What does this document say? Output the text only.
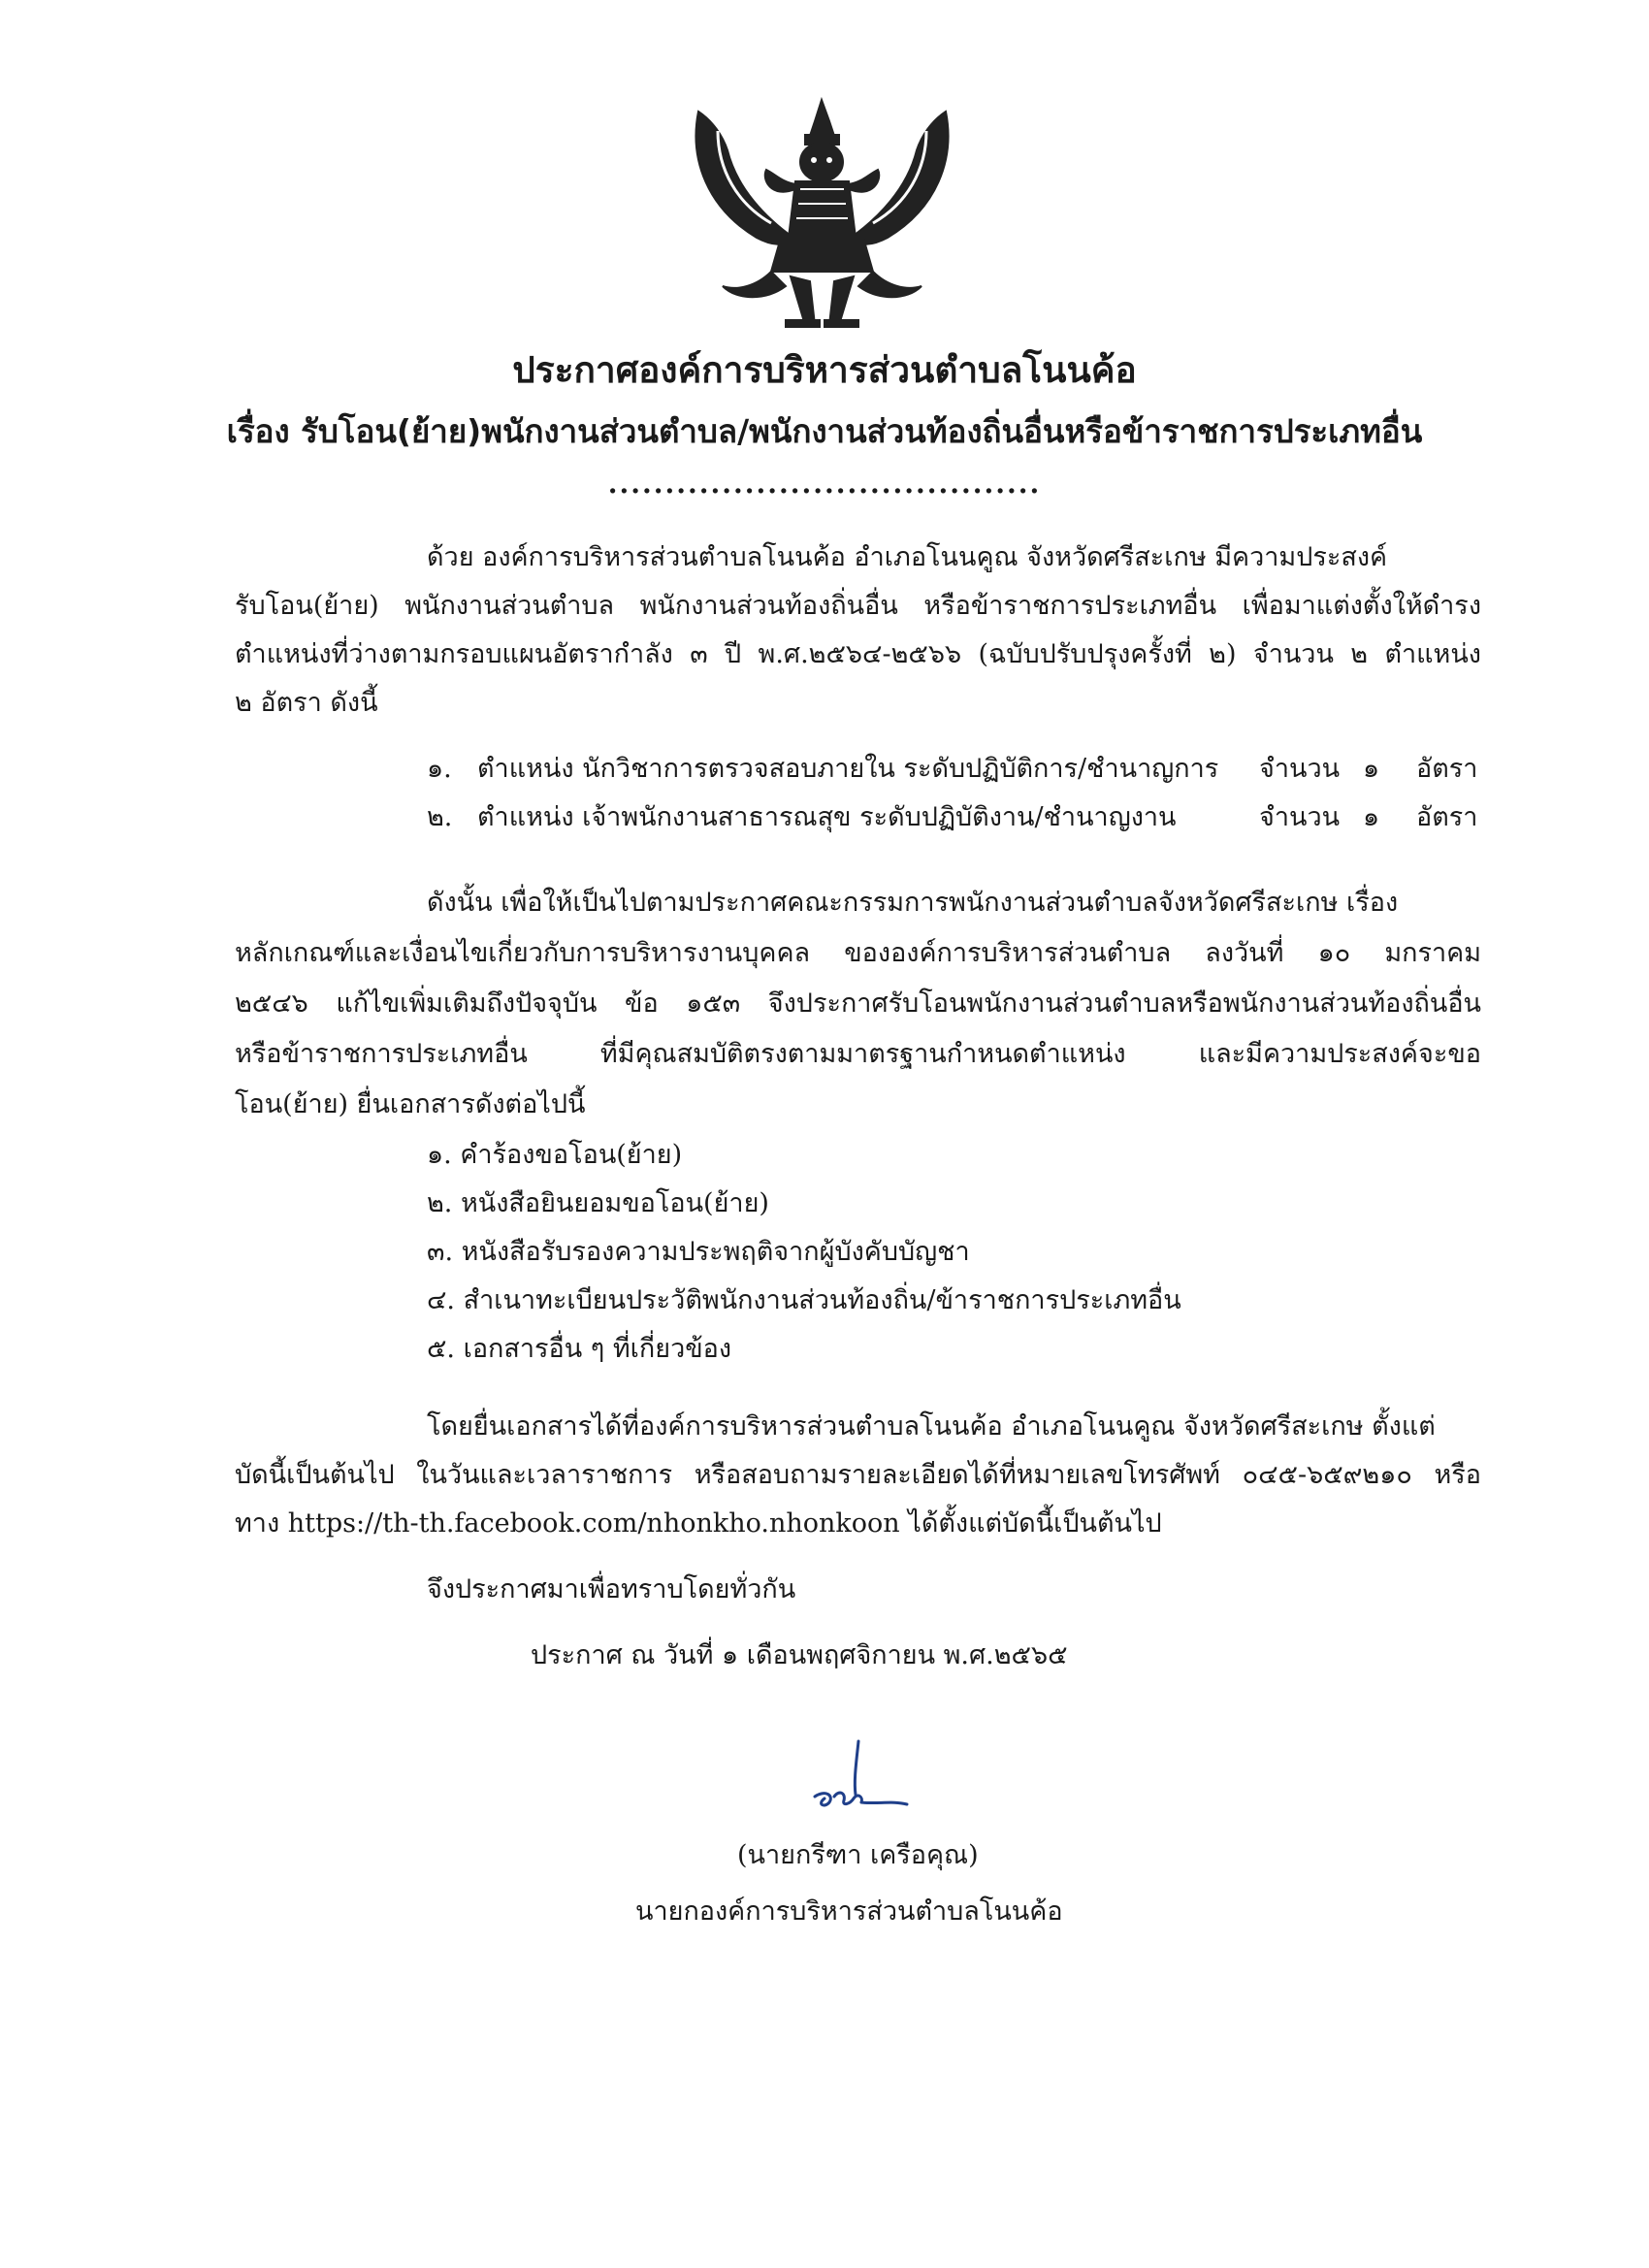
ประกาศองค์การบริหารส่วนตำบลโนนค้อ
เรื่อง รับโอน(ย้าย)พนักงานส่วนตำบล/พนักงานส่วนท้องถิ่นอื่นหรือข้าราชการประเภทอื่น
......................................
ด้วย องค์การบริหารส่วนตำบลโนนค้อ อำเภอโนนคูณ จังหวัดศรีสะเกษ มีความประสงค์
รับโอน(ย้าย) พนักงานส่วนตำบล พนักงานส่วนท้องถิ่นอื่น หรือข้าราชการประเภทอื่น เพื่อมาแต่งตั้งให้ดำรง
ตำแหน่งที่ว่างตามกรอบแผนอัตรากำลัง ๓ ปี พ.ศ.๒๕๖๔-๒๕๖๖ (ฉบับปรับปรุงครั้งที่ ๒) จำนวน ๒ ตำแหน่ง
๒ อัตรา ดังนี้
๑. ตำแหน่ง นักวิชาการตรวจสอบภายใน ระดับปฏิบัติการ/ชำนาญการ จำนวน ๑ อัตรา
๒. ตำแหน่ง เจ้าพนักงานสาธารณสุข ระดับปฏิบัติงาน/ชำนาญงาน	จำนวน ๑ อัตรา
ดังนั้น เพื่อให้เป็นไปตามประกาศคณะกรรมการพนักงานส่วนตำบลจังหวัดศรีสะเกษ เรื่อง
หลักเกณฑ์และเงื่อนไขเกี่ยวกับการบริหารงานบุคคล ขององค์การบริหารส่วนตำบล ลงวันที่ ๑๐ มกราคม
๒๕๔๖ แก้ไขเพิ่มเติมถึงปัจจุบัน ข้อ ๑๕๓ จึงประกาศรับโอนพนักงานส่วนตำบลหรือพนักงานส่วนท้องถิ่นอื่น
หรือข้าราชการประเภทอื่น ที่มีคุณสมบัติตรงตามมาตรฐานกำหนดตำแหน่ง และมีความประสงค์จะขอ
โอน(ย้าย) ยื่นเอกสารดังต่อไปนี้
๑. คำร้องขอโอน(ย้าย)
๒. หนังสือยินยอมขอโอน(ย้าย)
๓. หนังสือรับรองความประพฤติจากผู้บังคับบัญชา
๔. สำเนาทะเบียนประวัติพนักงานส่วนท้องถิ่น/ข้าราชการประเภทอื่น
๕. เอกสารอื่น ๆ ที่เกี่ยวข้อง
โดยยื่นเอกสารได้ที่องค์การบริหารส่วนตำบลโนนค้อ อำเภอโนนคูณ จังหวัดศรีสะเกษ ตั้งแต่
บัดนี้เป็นต้นไป ในวันและเวลาราชการ หรือสอบถามรายละเอียดได้ที่หมายเลขโทรศัพท์ ๐๔๕-๖๕๙๒๑๐ หรือ
ทาง https://th-th.facebook.com/nhonkho.nhonkoon ได้ตั้งแต่บัดนี้เป็นต้นไป
จึงประกาศมาเพื่อทราบโดยทั่วกัน
ประกาศ ณ วันที่ ๑ เดือนพฤศจิกายน พ.ศ.๒๕๖๕
(นายกรีฑา เครือคุณ)
นายกองค์การบริหารส่วนตำบลโนนค้อ
